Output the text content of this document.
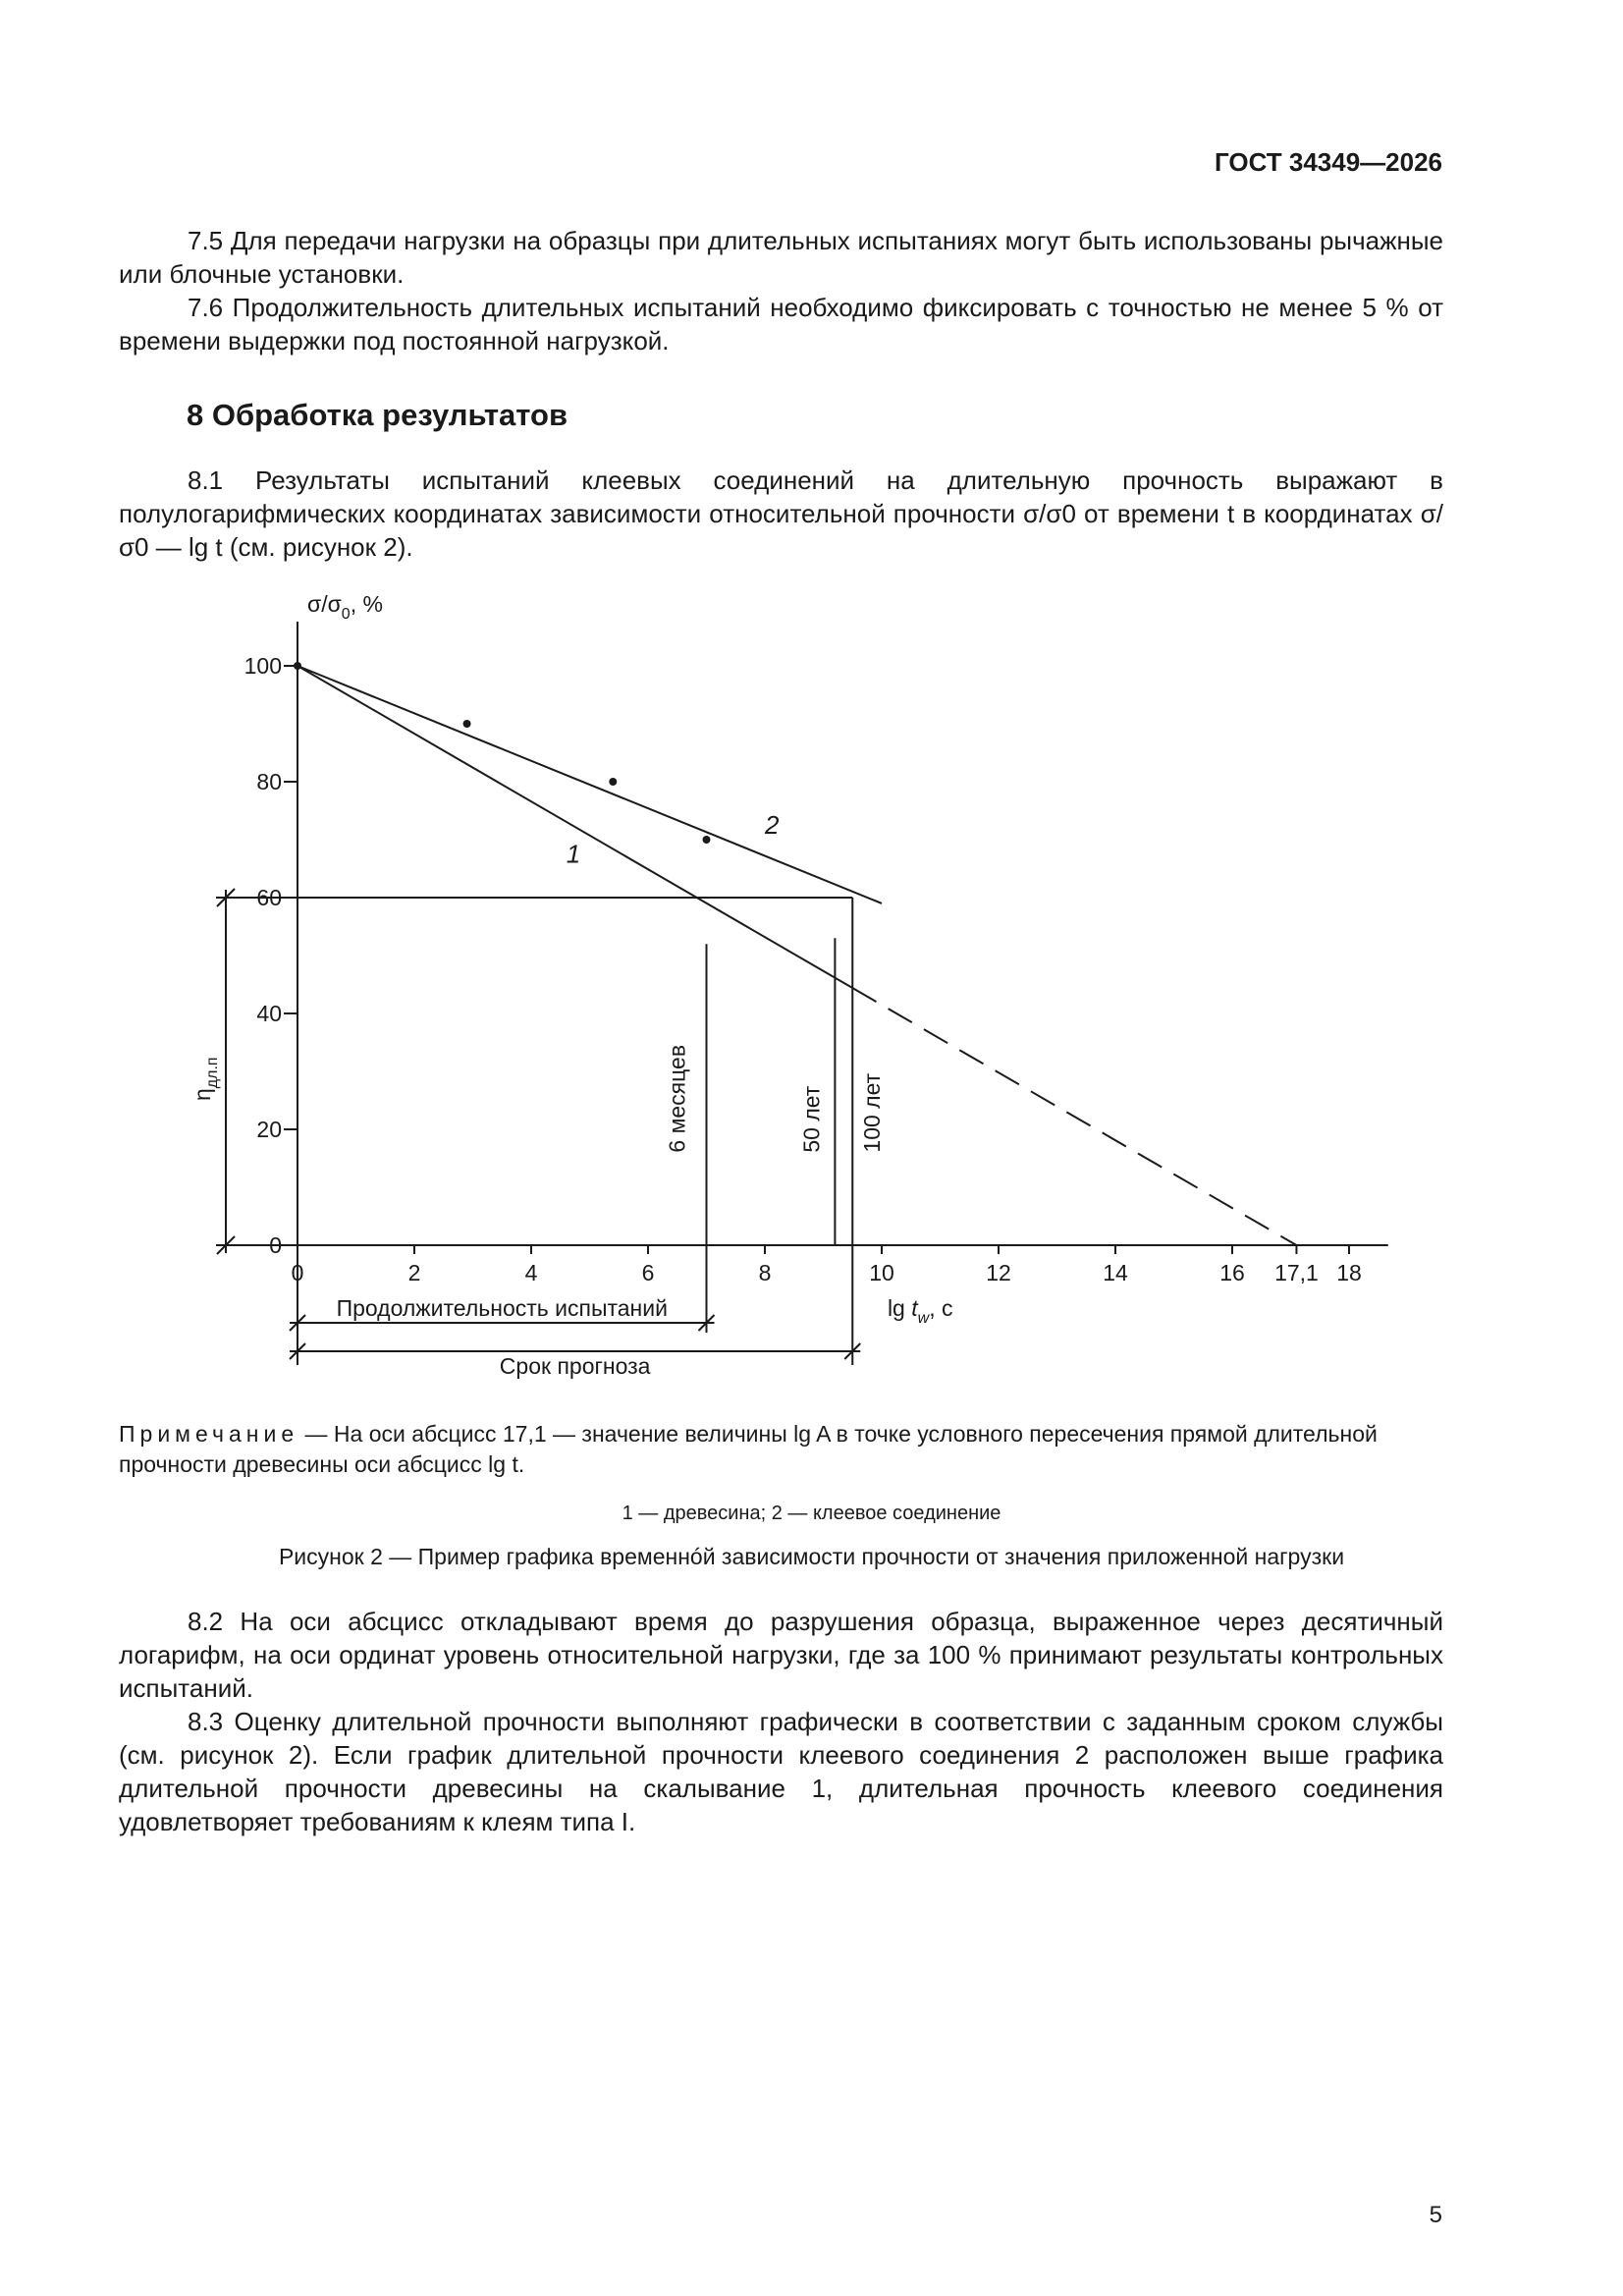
ГОСТ 34349—2026

7.5 Для передачи нагрузки на образцы при длительных испытаниях могут быть использованы рычажные или блочные установки.

7.6 Продолжительность длительных испытаний необходимо фиксировать с точностью не менее 5 % от времени выдержки под постоянной нагрузкой.

8 Обработка результатов

8.1 Результаты испытаний клеевых соединений на длительную прочность выражают в полулогарифмических координатах зависимости относительной прочности σ/σ0 от времени t в координатах σ/σ0 — lg t (см. рисунок 2).

0	2	4	6	8	10	12	14	16 17,1 18
0
20
40
60
80
100
$\sigma/\sigma_0$, %
$\lg t_w$, с
6 месяцев	50 лет 100 лет
1
2
$\eta_{дл.п}$
Продолжительность испытаний
Срок прогноза

Примечание — На оси абсцисс 17,1 — значение величины lg A в точке условного пересечения прямой длительной прочности древесины оси абсцисс lg t.

1 — древесина; 2 — клеевое соединение
Рисунок 2 — Пример графика временнóй зависимости прочности от значения приложенной нагрузки

8.2 На оси абсцисс откладывают время до разрушения образца, выраженное через десятичный логарифм, на оси ординат уровень относительной нагрузки, где за 100 % принимают результаты контрольных испытаний.

8.3 Оценку длительной прочности выполняют графически в соответствии с заданным сроком службы (см. рисунок 2). Если график длительной прочности клеевого соединения 2 расположен выше графика длительной прочности древесины на скалывание 1, длительная прочность клеевого соединения удовлетворяет требованиям к клеям типа I.

5
